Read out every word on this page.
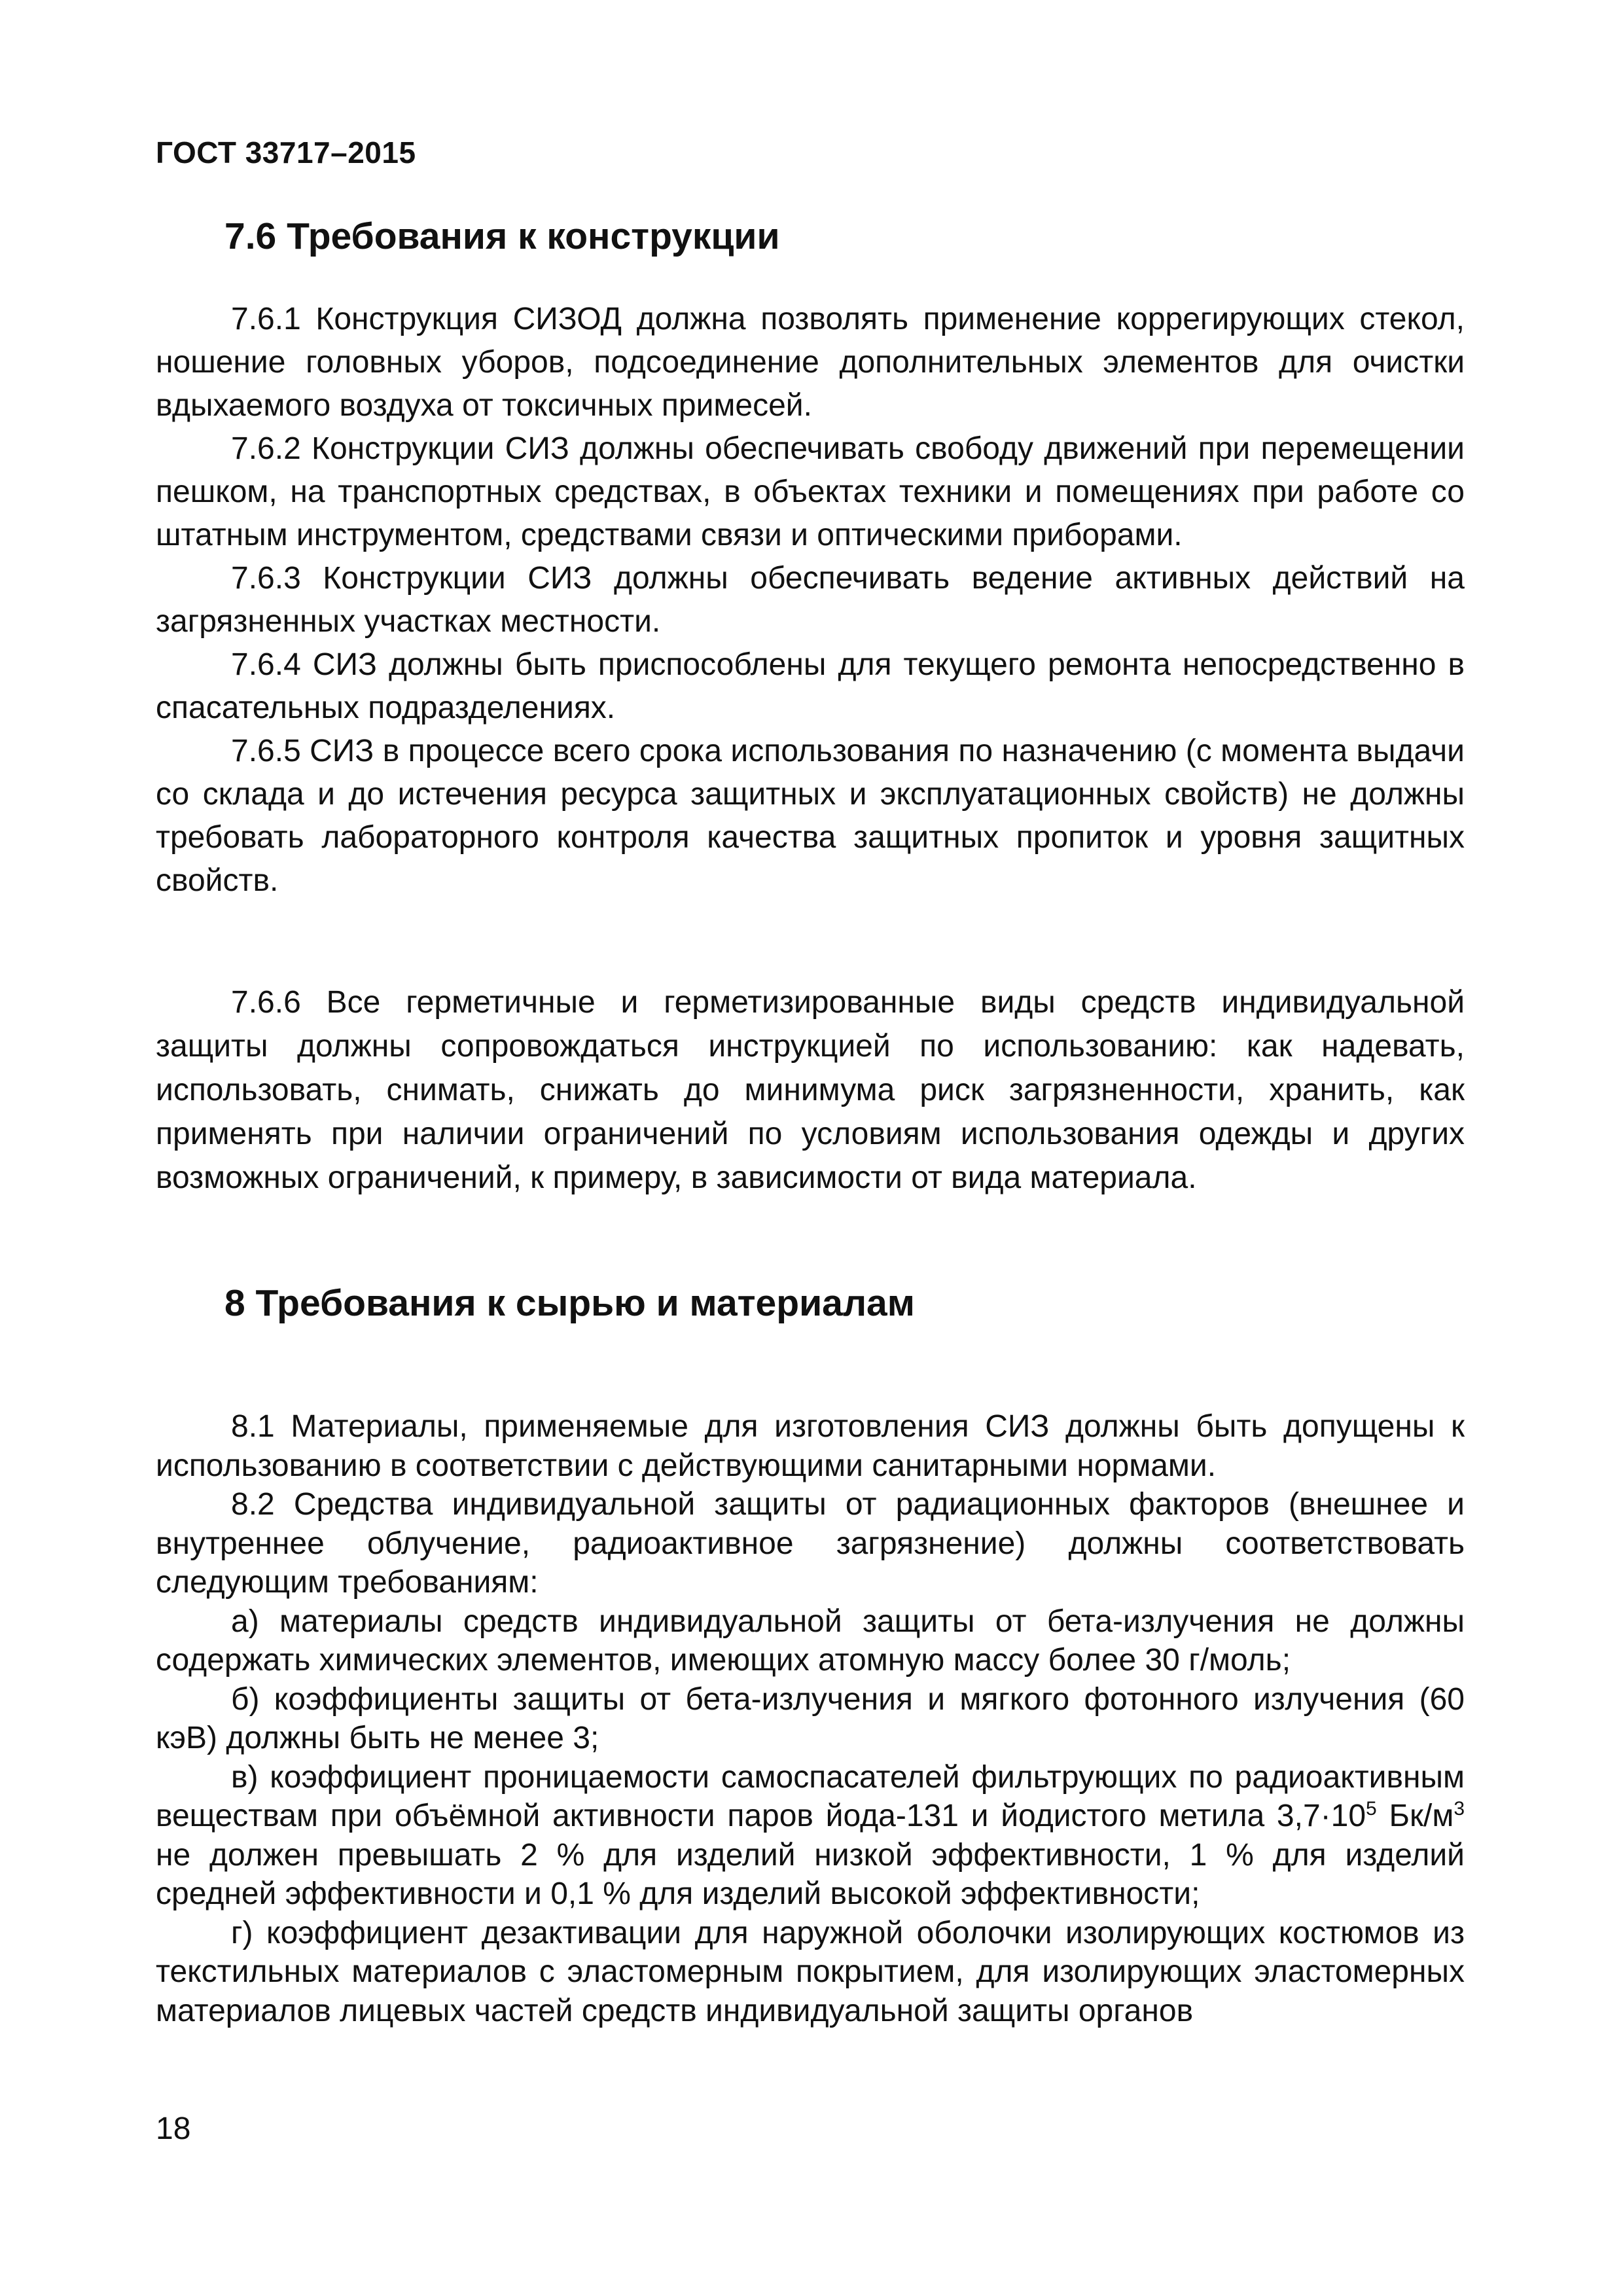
ГОСТ 33717–2015
7.6 Требования к конструкции

7.6.1 Конструкция СИЗОД должна позволять применение коррегирующих стекол, ношение головных уборов, подсоединение дополнительных элементов для очистки вдыхаемого воздуха от токсичных примесей.

7.6.2 Конструкции СИЗ должны обеспечивать свободу движений при перемещении пешком, на транспортных средствах, в объектах техники и помещениях при работе со штатным инструментом, средствами связи и оптическими приборами.

7.6.3 Конструкции СИЗ должны обеспечивать ведение активных действий на загрязненных участках местности.

7.6.4 СИЗ должны быть приспособлены для текущего ремонта непосредственно в спасательных подразделениях.

7.6.5 СИЗ в процессе всего срока использования по назначению (с момента выдачи со склада и до истечения ресурса защитных и эксплуатационных свойств) не должны требовать лабораторного контроля качества защитных пропиток и уровня защитных свойств.

7.6.6 Все герметичные и герметизированные виды средств индивидуальной защиты должны сопровождаться инструкцией по использованию: как надевать, использовать, снимать, снижать до минимума риск загрязненности, хранить, как применять при наличии ограничений по условиям использования одежды и других возможных ограничений, к примеру, в зависимости от вида материала.

8 Требования к сырью и материалам

8.1 Материалы, применяемые для изготовления СИЗ должны быть допущены к использованию в соответствии с действующими санитарными нормами.

8.2 Средства индивидуальной защиты от радиационных факторов (внешнее и внутреннее облучение, радиоактивное загрязнение) должны соответствовать следующим требованиям:

а) материалы средств индивидуальной защиты от бета-излучения не должны содержать химических элементов, имеющих атомную массу более 30 г/моль;

б) коэффициенты защиты от бета-излучения и мягкого фотонного излучения (60 кэВ) должны быть не менее 3;

в) коэффициент проницаемости самоспасателей фильтрующих по радиоактивным веществам при объёмной активности паров йода-131 и йодистого метила $3,7\cdot 10^5$ $Бк/м^3$ не должен превышать 2 % для изделий низкой эффективности, 1 % для изделий средней эффективности и 0,1 % для изделий высокой эффективности;

г) коэффициент дезактивации для наружной оболочки изолирующих костюмов из текстильных материалов с эластомерным покрытием, для изолирующих эластомерных материалов лицевых частей средств индивидуальной защиты органов

18
